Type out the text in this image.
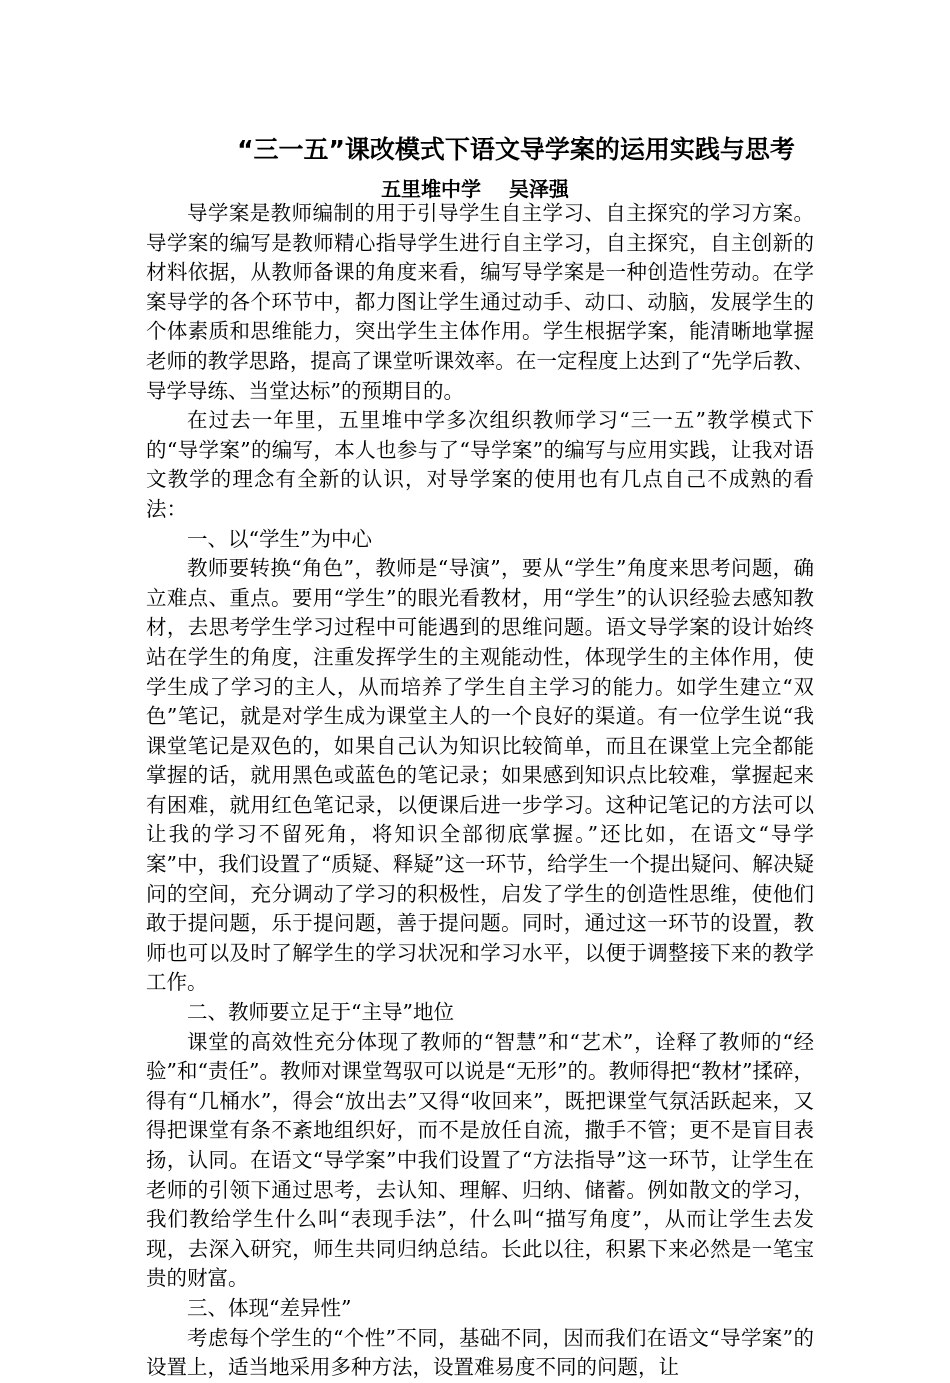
“三一五”课改模式下语文导学案的运用实践与思考
五里堆中学    吴泽强

导学案是教师编制的用于引导学生自主学习、自主探究的学习方案。导学案的编写是教师精心指导学生进行自主学习，自主探究，自主创新的材料依据，从教师备课的角度来看，编写导学案是一种创造性劳动。在学案导学的各个环节中，都力图让学生通过动手、动口、动脑，发展学生的个体素质和思维能力，突出学生主体作用。学生根据学案，能清晰地掌握老师的教学思路，提高了课堂听课效率。在一定程度上达到了“先学后教、导学导练、当堂达标”的预期目的。

在过去一年里，五里堆中学多次组织教师学习“三一五”教学模式下的“导学案”的编写，本人也参与了“导学案”的编写与应用实践，让我对语文教学的理念有全新的认识，对导学案的使用也有几点自己不成熟的看法：

一、以“学生”为中心

教师要转换“角色”，教师是“导演”，要从“学生”角度来思考问题，确立难点、重点。要用“学生”的眼光看教材，用“学生”的认识经验去感知教材，去思考学生学习过程中可能遇到的思维问题。语文导学案的设计始终站在学生的角度，注重发挥学生的主观能动性，体现学生的主体作用，使学生成了学习的主人，从而培养了学生自主学习的能力。如学生建立“双色”笔记，就是对学生成为课堂主人的一个良好的渠道。有一位学生说“我课堂笔记是双色的，如果自己认为知识比较简单，而且在课堂上完全都能掌握的话，就用黑色或蓝色的笔记录；如果感到知识点比较难，掌握起来有困难，就用红色笔记录，以便课后进一步学习。这种记笔记的方法可以让我的学习不留死角，将知识全部彻底掌握。”还比如，在语文“导学案”中，我们设置了“质疑、释疑”这一环节，给学生一个提出疑问、解决疑问的空间，充分调动了学习的积极性，启发了学生的创造性思维，使他们敢于提问题，乐于提问题，善于提问题。同时，通过这一环节的设置，教师也可以及时了解学生的学习状况和学习水平，以便于调整接下来的教学工作。

二、教师要立足于“主导”地位

课堂的高效性充分体现了教师的“智慧”和“艺术”，诠释了教师的“经验”和“责任”。教师对课堂驾驭可以说是“无形”的。教师得把“教材”揉碎，得有“几桶水”，得会“放出去”又得“收回来”，既把课堂气氛活跃起来，又得把课堂有条不紊地组织好，而不是放任自流，撒手不管；更不是盲目表扬，认同。在语文“导学案”中我们设置了“方法指导”这一环节，让学生在老师的引领下通过思考，去认知、理解、归纳、储蓄。例如散文的学习，我们教给学生什么叫“表现手法”，什么叫“描写角度”，从而让学生去发现，去深入研究，师生共同归纳总结。长此以往，积累下来必然是一笔宝贵的财富。

三、体现“差异性”

考虑每个学生的“个性”不同，基础不同，因而我们在语文“导学案”的设置上，适当地采用多种方法，设置难易度不同的问题，让
